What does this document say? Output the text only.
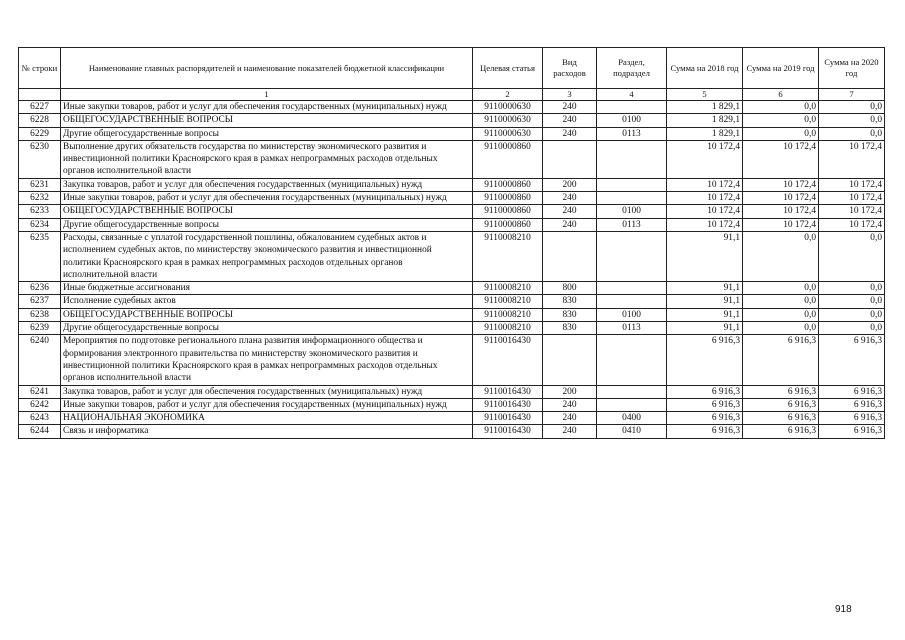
№ строки	Наименование главных распорядителей и наименование показателей бюджетной классификации	Целевая статья	Вид расходов	Раздел, подраздел	Сумма на 2018 год	Сумма на 2019 год	Сумма на 2020 год
	1	2	3	4	5	6	7
6227	Иные закупки товаров, работ и услуг для обеспечения государственных (муниципальных) нужд	9110000630	240		1 829,1	0,0	0,0
6228	ОБЩЕГОСУДАРСТВЕННЫЕ ВОПРОСЫ	9110000630	240	0100	1 829,1	0,0	0,0
6229	Другие общегосударственные вопросы	9110000630	240	0113	1 829,1	0,0	0,0
6230	Выполнение других обязательств государства по министерству экономического развития и инвестиционной политики Красноярского края в рамках непрограммных расходов отдельных органов исполнительной власти	9110000860			10 172,4	10 172,4	10 172,4
6231	Закупка товаров, работ и услуг для обеспечения государственных (муниципальных) нужд	9110000860	200		10 172,4	10 172,4	10 172,4
6232	Иные закупки товаров, работ и услуг для обеспечения государственных (муниципальных) нужд	9110000860	240		10 172,4	10 172,4	10 172,4
6233	ОБЩЕГОСУДАРСТВЕННЫЕ ВОПРОСЫ	9110000860	240	0100	10 172,4	10 172,4	10 172,4
6234	Другие общегосударственные вопросы	9110000860	240	0113	10 172,4	10 172,4	10 172,4
6235	Расходы, связанные с уплатой государственной пошлины, обжалованием судебных актов и исполнением судебных актов, по министерству экономического развития и инвестиционной политики Красноярского края в рамках непрограммных расходов отдельных органов исполнительной власти	9110008210			91,1	0,0	0,0
6236	Иные бюджетные ассигнования	9110008210	800		91,1	0,0	0,0
6237	Исполнение судебных актов	9110008210	830		91,1	0,0	0,0
6238	ОБЩЕГОСУДАРСТВЕННЫЕ ВОПРОСЫ	9110008210	830	0100	91,1	0,0	0,0
6239	Другие общегосударственные вопросы	9110008210	830	0113	91,1	0,0	0,0
6240	Мероприятия по подготовке регионального плана развития информационного общества и формирования электронного правительства по министерству экономического развития и инвестиционной политики Красноярского края в рамках непрограммных расходов отдельных органов исполнительной власти	9110016430			6 916,3	6 916,3	6 916,3
6241	Закупка товаров, работ и услуг для обеспечения государственных (муниципальных) нужд	9110016430	200		6 916,3	6 916,3	6 916,3
6242	Иные закупки товаров, работ и услуг для обеспечения государственных (муниципальных) нужд	9110016430	240		6 916,3	6 916,3	6 916,3
6243	НАЦИОНАЛЬНАЯ ЭКОНОМИКА	9110016430	240	0400	6 916,3	6 916,3	6 916,3
6244	Связь и информатика	9110016430	240	0410	6 916,3	6 916,3	6 916,3
918
